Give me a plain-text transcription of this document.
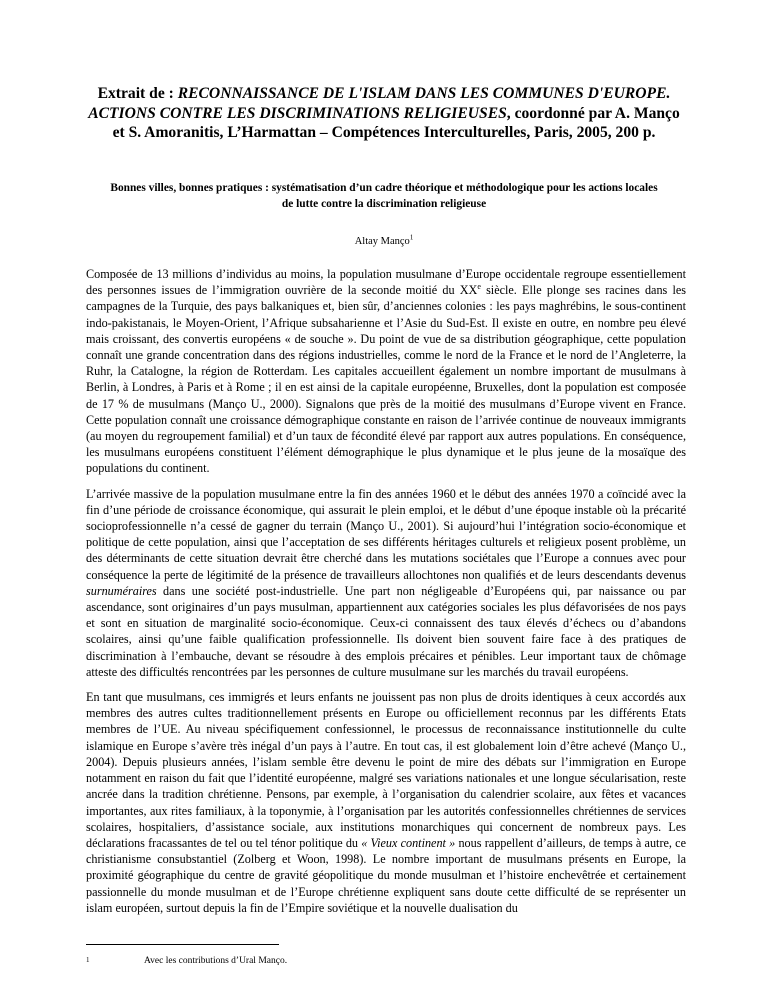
Extrait de : RECONNAISSANCE DE L'ISLAM DANS LES COMMUNES D'EUROPE. ACTIONS CONTRE LES DISCRIMINATIONS RELIGIEUSES, coordonné par A. Manço et S. Amoranitis, L’Harmattan – Compétences Interculturelles, Paris, 2005, 200 p.
Bonnes villes, bonnes pratiques : systématisation d’un cadre théorique et méthodologique pour les actions locales de lutte contre la discrimination religieuse
Altay Manço$^1$

Composée de 13 millions d’individus au moins, la population musulmane d’Europe occidentale regroupe essentiellement des personnes issues de l’immigration ouvrière de la seconde moitié du XXe siècle. Elle plonge ses racines dans les campagnes de la Turquie, des pays balkaniques et, bien sûr, d’anciennes colonies : les pays maghrébins, le sous-continent indo-pakistanais, le Moyen-Orient, l’Afrique subsaharienne et l’Asie du Sud-Est. Il existe en outre, en nombre peu élevé mais croissant, des convertis européens « de souche ». Du point de vue de sa distribution géographique, cette population connaît une grande concentration dans des régions industrielles, comme le nord de la France et le nord de l’Angleterre, la Ruhr, la Catalogne, la région de Rotterdam. Les capitales accueillent également un nombre important de musulmans à Berlin, à Londres, à Paris et à Rome ; il en est ainsi de la capitale européenne, Bruxelles, dont la population est composée de 17 % de musulmans (Manço U., 2000). Signalons que près de la moitié des musulmans d’Europe vivent en France. Cette population connaît une croissance démographique constante en raison de l’arrivée continue de nouveaux immigrants (au moyen du regroupement familial) et d’un taux de fécondité élevé par rapport aux autres populations. En conséquence, les musulmans européens constituent l’élément démographique le plus dynamique et le plus jeune de la mosaïque des populations du continent.

L’arrivée massive de la population musulmane entre la fin des années 1960 et le début des années 1970 a coïncidé avec la fin d’une période de croissance économique, qui assurait le plein emploi, et le début d’une époque instable où la précarité socioprofessionnelle n’a cessé de gagner du terrain (Manço U., 2001). Si aujourd’hui l’intégration socio-économique et politique de cette population, ainsi que l’acceptation de ses différents héritages culturels et religieux posent problème, un des déterminants de cette situation devrait être cherché dans les mutations sociétales que l’Europe a connues avec pour conséquence la perte de légitimité de la présence de travailleurs allochtones non qualifiés et de leurs descendants devenus surnuméraires dans une société post-industrielle. Une part non négligeable d’Européens qui, par naissance ou par ascendance, sont originaires d’un pays musulman, appartiennent aux catégories sociales les plus défavorisées de nos pays et sont en situation de marginalité socio-économique. Ceux-ci connaissent des taux élevés d’échecs ou d’abandons scolaires, ainsi qu’une faible qualification professionnelle. Ils doivent bien souvent faire face à des pratiques de discrimination à l’embauche, devant se résoudre à des emplois précaires et pénibles. Leur important taux de chômage atteste des difficultés rencontrées par les personnes de culture musulmane sur les marchés du travail européens.

En tant que musulmans, ces immigrés et leurs enfants ne jouissent pas non plus de droits identiques à ceux accordés aux membres des autres cultes traditionnellement présents en Europe ou officiellement reconnus par les différents Etats membres de l’UE. Au niveau spécifiquement confessionnel, le processus de reconnaissance institutionnelle du culte islamique en Europe s’avère très inégal d’un pays à l’autre. En tout cas, il est globalement loin d’être achevé (Manço U., 2004). Depuis plusieurs années, l’islam semble être devenu le point de mire des débats sur l’immigration en Europe notamment en raison du fait que l’identité européenne, malgré ses variations nationales et une longue sécularisation, reste ancrée dans la tradition chrétienne. Pensons, par exemple, à l’organisation du calendrier scolaire, aux fêtes et vacances importantes, aux rites familiaux, à la toponymie, à l’organisation par les autorités confessionnelles chrétiennes de services scolaires, hospitaliers, d’assistance sociale, aux institutions monarchiques qui concernent de nombreux pays. Les déclarations fracassantes de tel ou tel ténor politique du « Vieux continent » nous rappellent d’ailleurs, de temps à autre, ce christianisme consubstantiel (Zolberg et Woon, 1998). Le nombre important de musulmans présents en Europe, la proximité géographique du centre de gravité géopolitique du monde musulman et l’histoire enchevêtrée et certainement passionnelle du monde musulman et de l’Europe chrétienne expliquent sans doute cette difficulté de se représenter un islam européen, surtout depuis la fin de l’Empire soviétique et la nouvelle dualisation du

1	Avec les contributions d’Ural Manço.
